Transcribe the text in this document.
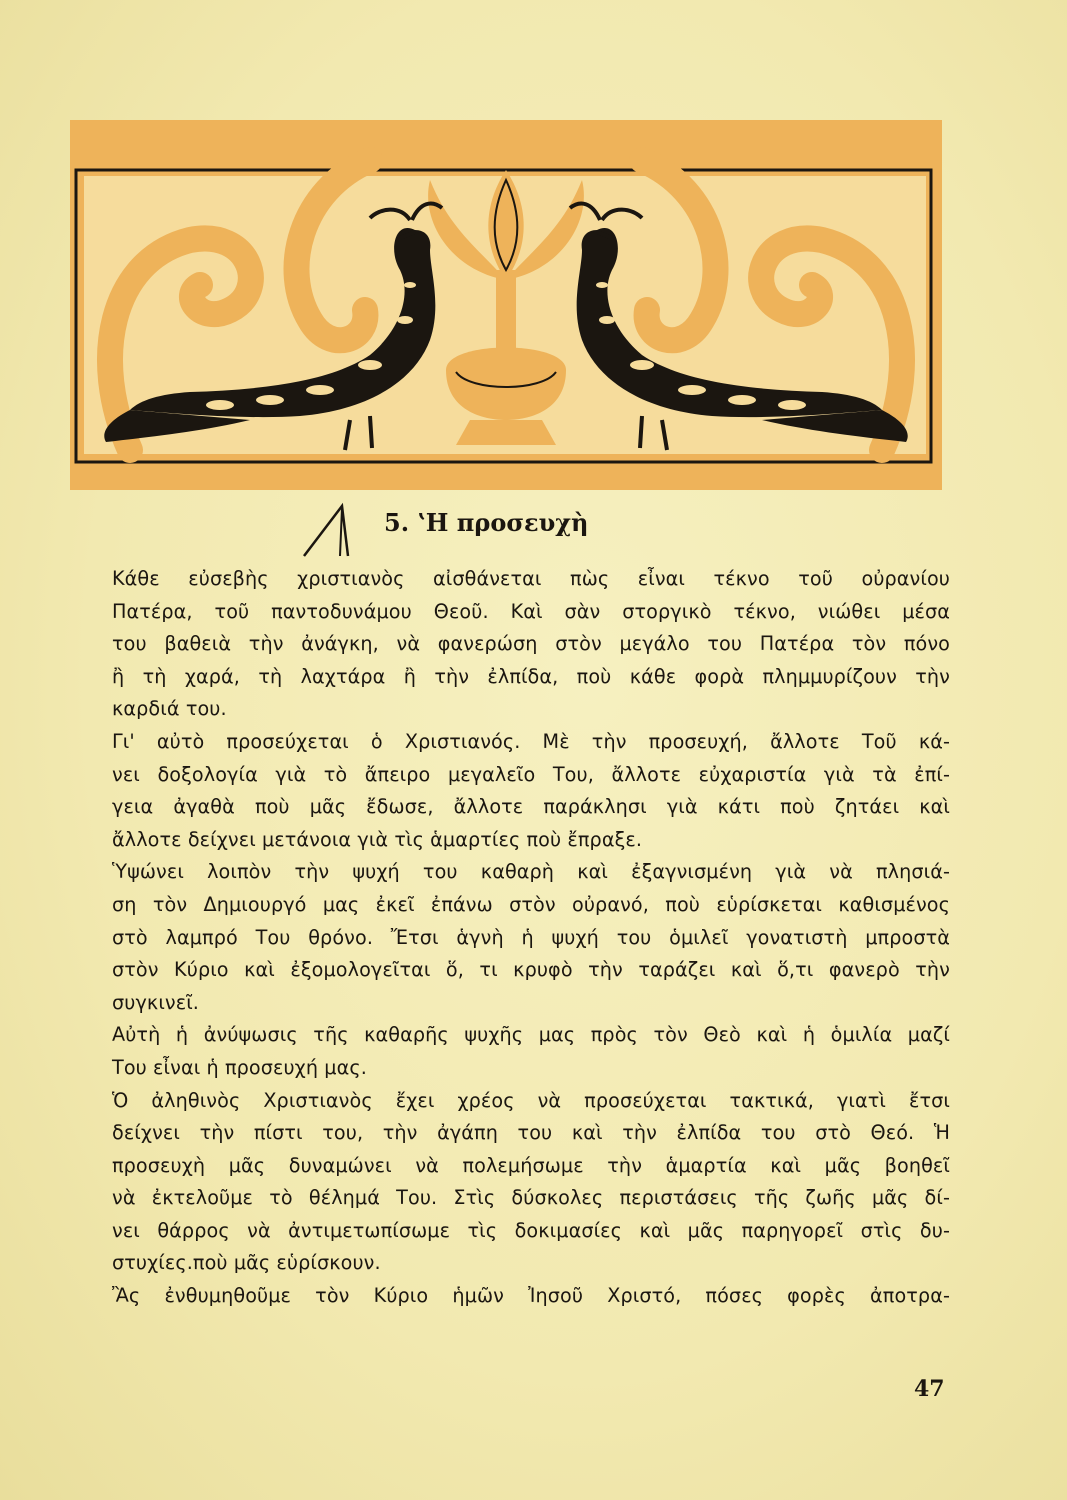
5. ʽΗ προσευχὴ
Κάθε εὐσεβὴς χριστιανὸς αἰσθάνεται πὼς εἶναι τέκνο τοῦ οὐρανίου
Πατέρα, τοῦ παντοδυνάμου Θεοῦ. Καὶ σὰν στοργικὸ τέκνο, νιώθει μέσα
του βαθειὰ τὴν ἀνάγκη, νὰ φανερώση στὸν μεγάλο του Πατέρα τὸν πόνο
ἢ τὴ χαρά, τὴ λαχτάρα ἢ τὴν ἐλπίδα, ποὺ κάθε φορὰ πλημμυρίζουν τὴν
καρδιά του.
Γι' αὐτὸ προσεύχεται ὁ Χριστιανός. Μὲ τὴν προσευχή, ἄλλοτε Τοῦ κά-
νει δοξολογία γιὰ τὸ ἄπειρο μεγαλεῖο Του, ἄλλοτε εὐχαριστία γιὰ τὰ ἐπί-
γεια ἀγαθὰ ποὺ μᾶς ἔδωσε, ἄλλοτε παράκλησι γιὰ κάτι ποὺ ζητάει καὶ
ἄλλοτε δείχνει μετάνοια γιὰ τὶς ἁμαρτίες ποὺ ἔπραξε.
Ὑψώνει λοιπὸν τὴν ψυχή του καθαρὴ καὶ ἐξαγνισμένη γιὰ νὰ πλησιά-
ση τὸν Δημιουργό μας ἐκεῖ ἐπάνω στὸν οὐρανό, ποὺ εὑρίσκεται καθισμένος
στὸ λαμπρό Του θρόνο. Ἔτσι ἁγνὴ ἡ ψυχή του ὁμιλεῖ γονατιστὴ μπροστὰ
στὸν Κύριο καὶ ἐξομολογεῖται ὅ, τι κρυφὸ τὴν ταράζει καὶ ὅ,τι φανερὸ τὴν
συγκινεῖ.
Αὐτὴ ἡ ἀνύψωσις τῆς καθαρῆς ψυχῆς μας πρὸς τὸν Θεὸ καὶ ἡ ὁμιλία μαζί
Του εἶναι ἡ προσευχή μας.
Ὁ ἀληθινὸς Χριστιανὸς ἔχει χρέος νὰ προσεύχεται τακτικά, γιατὶ ἔτσι
δείχνει τὴν πίστι του, τὴν ἀγάπη του καὶ τὴν ἐλπίδα του στὸ Θεό. Ἡ
προσευχὴ μᾶς δυναμώνει νὰ πολεμήσωμε τὴν ἁμαρτία καὶ μᾶς βοηθεῖ
νὰ ἐκτελοῦμε τὸ θέλημά Του. Στὶς δύσκολες περιστάσεις τῆς ζωῆς μᾶς δί-
νει θάρρος νὰ ἀντιμετωπίσωμε τὶς δοκιμασίες καὶ μᾶς παρηγορεῖ στὶς δυ-
στυχίες.ποὺ μᾶς εὑρίσκουν.
Ἂς ἐνθυμηθοῦμε τὸν Κύριο ἡμῶν Ἰησοῦ Χριστό, πόσες φορὲς ἀποτρα-
47
